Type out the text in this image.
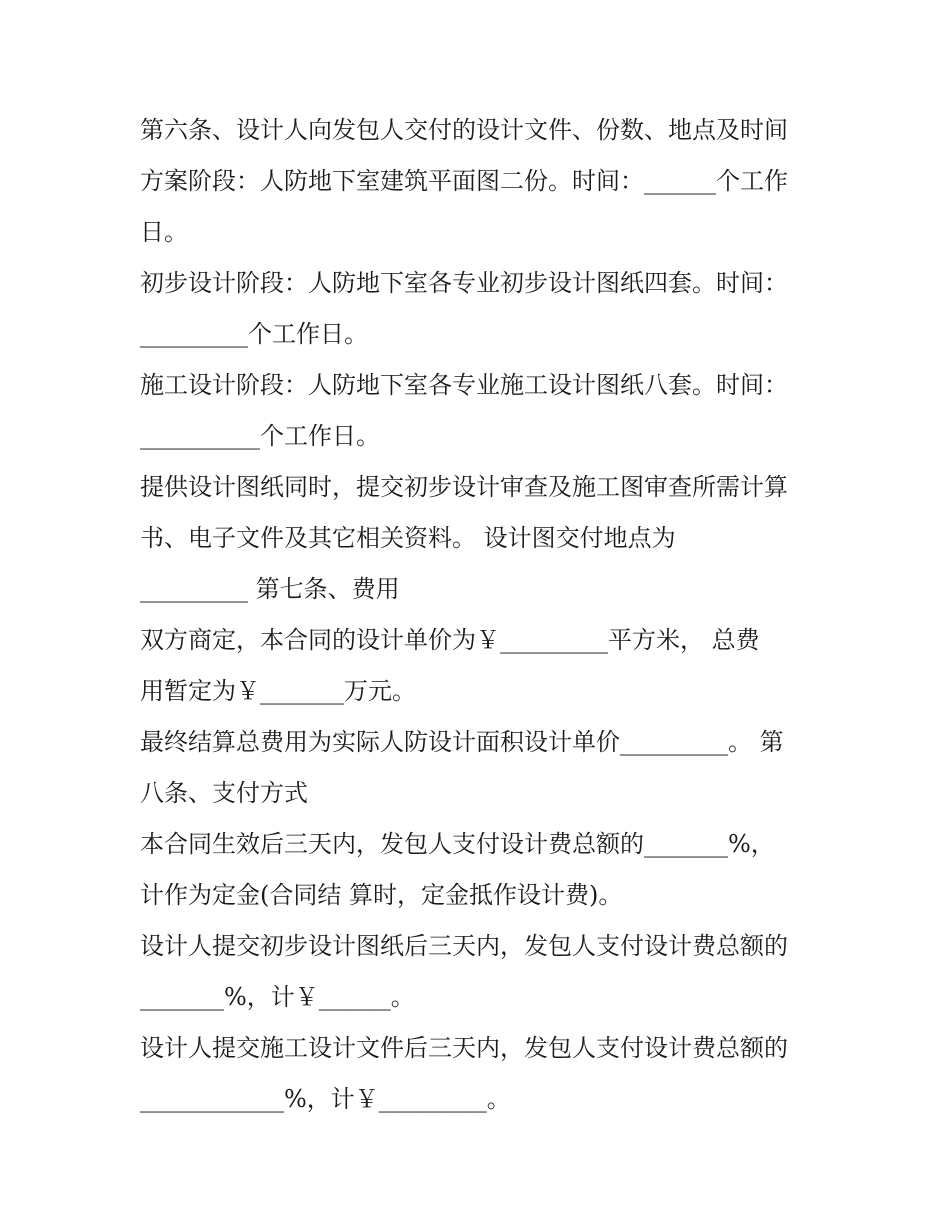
第六条、设计人向发包人交付的设计文件、份数、地点及时间

方案阶段：人防地下室建筑平面图二份。时间：______个工作

日。

初步设计阶段：人防地下室各专业初步设计图纸四套。时间：

_________个工作日。

施工设计阶段：人防地下室各专业施工设计图纸八套。时间：

__________个工作日。

提供设计图纸同时，提交初步设计审查及施工图审查所需计算

书、电子文件及其它相关资料。 设计图交付地点为

_________ 第七条、费用

双方商定，本合同的设计单价为￥_________平方米， 总费

用暂定为￥_______万元。

最终结算总费用为实际人防设计面积设计单价_________。 第

八条、支付方式

本合同生效后三天内，发包人支付设计费总额的_______%，

计作为定金(合同结 算时，定金抵作设计费)。

设计人提交初步设计图纸后三天内，发包人支付设计费总额的

_______%，计￥______。

设计人提交施工设计文件后三天内，发包人支付设计费总额的

____________%，计￥_________。
